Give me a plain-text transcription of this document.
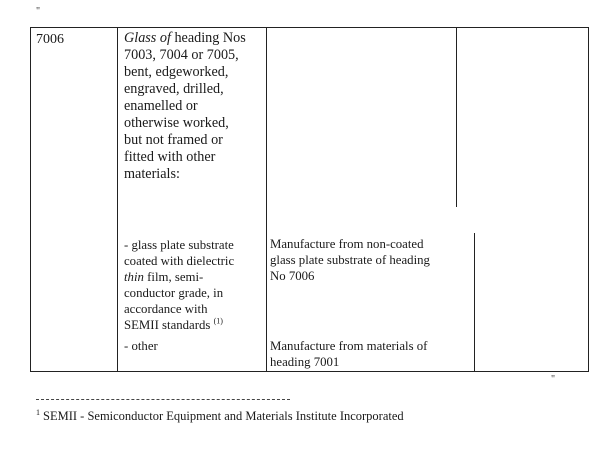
"
7006	Glass of heading Nos
7003, 7004 or 7005,
bent, edgeworked,
engraved, drilled,
enamelled or
otherwise worked,
but not framed or
fitted with other
materials:
- glass plate substrate
coated with dielectric
thin film, semi-
conductor grade, in
accordance with
SEMII standards $^{(1)}$
Manufacture from non-coated
glass plate substrate of heading
No 7006
- other	Manufacture from materials of
heading 7001
"
$^1$ SEMII - Semiconductor Equipment and Materials Institute Incorporated
